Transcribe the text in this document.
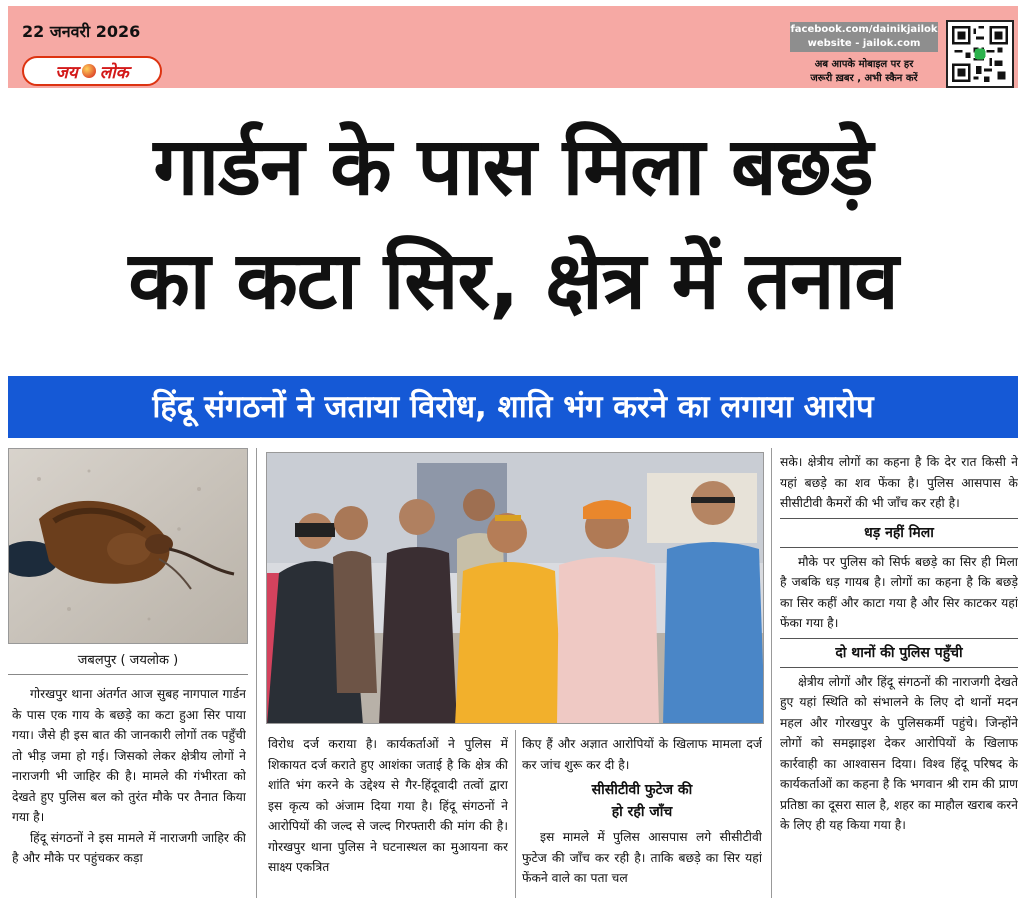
22 जनवरी 2026
जय लोक
facebook.com/dainikjailok
website - jailok.com
अब आपके मोबाइल पर हर
जरूरी ख़बर , अभी स्कैन करें
गार्डन के पास मिला बछड़े
का कटा सिर, क्षेत्र में तनाव
हिंदू संगठनों ने जताया विरोध, शाति भंग करने का लगाया आरोप
जबलपुर ( जयलोक )

गोरखपुर थाना अंतर्गत आज सुबह नागपाल गार्डन के पास एक गाय के बछड़े का कटा हुआ सिर पाया गया। जैसे ही इस बात की जानकारी लोगों तक पहुँची तो भीड़ जमा हो गई। जिसको लेकर क्षेत्रीय लोगों ने नाराजगी भी जाहिर की है। मामले की गंभीरता को देखते हुए पुलिस बल को तुरंत मौके पर तैनात किया गया है।

हिंदू संगठनों ने इस मामले में नाराजगी जाहिर की है और मौके पर पहुंचकर कड़ा

विरोध दर्ज कराया है। कार्यकर्ताओं ने पुलिस में शिकायत दर्ज कराते हुए आशंका जताई है कि क्षेत्र की शांति भंग करने के उद्देश्य से गैर-हिंदूवादी तत्वों द्वारा इस कृत्य को अंजाम दिया गया है। हिंदू संगठनों ने आरोपियों की जल्द से जल्द गिरफ्तारी की मांग की है। गोरखपुर थाना पुलिस ने घटनास्थल का मुआयना कर साक्ष्य एकत्रित

किए हैं और अज्ञात आरोपियों के खिलाफ मामला दर्ज कर जांच शुरू कर दी है।

सीसीटीवी फुटेज की
हो रही जाँच

इस मामले में पुलिस आसपास लगे सीसीटीवी फुटेज की जाँच कर रही है। ताकि बछड़े का सिर यहां फेंकने वाले का पता चल

सके। क्षेत्रीय लोगों का कहना है कि देर रात किसी ने यहां बछड़े का शव फेंका है। पुलिस आसपास के सीसीटीवी कैमरों की भी जाँच कर रही है।

धड़ नहीं मिला

मौके पर पुलिस को सिर्फ बछड़े का सिर ही मिला है जबकि धड़ गायब है। लोगों का कहना है कि बछड़े का सिर कहीं और काटा गया है और सिर काटकर यहां फेंका गया है।

दो थानों की पुलिस पहुँची

क्षेत्रीय लोगों और हिंदू संगठनों की नाराजगी देखते हुए यहां स्थिति को संभालने के लिए दो थानों मदन महल और गोरखपुर के पुलिसकर्मी पहुंचे। जिन्होंने लोगों को समझाइश देकर आरोपियों के खिलाफ कार्रवाही का आश्वासन दिया। विश्व हिंदू परिषद के कार्यकर्ताओं का कहना है कि भगवान श्री राम की प्राण प्रतिष्ठा का दूसरा साल है, शहर का माहौल खराब करने के लिए ही यह किया गया है।
